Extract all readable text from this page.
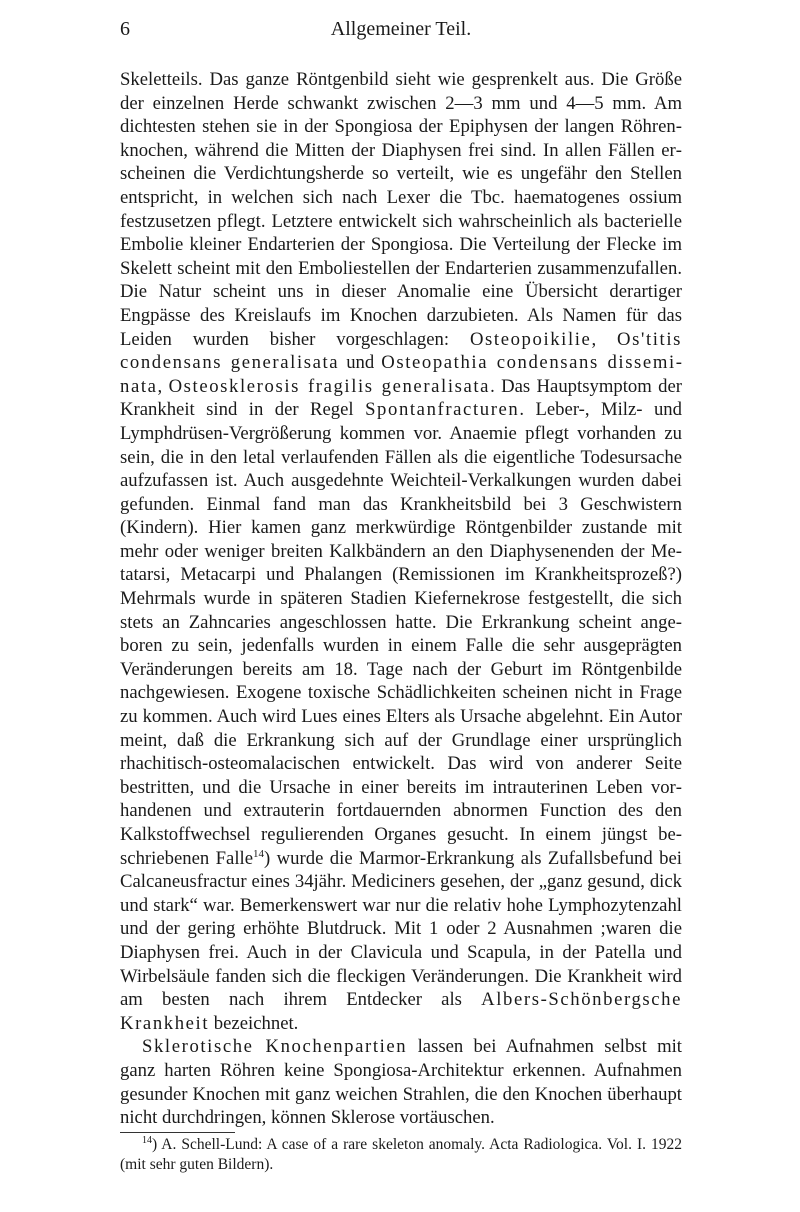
6	Allgemeiner Teil.

Skeletteils. Das ganze Röntgenbild sieht wie gesprenkelt aus. Die Größe der einzelnen Herde schwankt zwischen 2—3 mm und 4—5 mm. Am dichtesten stehen sie in der Spongiosa der Epiphysen der langen Röhrenknochen, während die Mitten der Diaphysen frei sind. In allen Fällen erscheinen die Verdichtungsherde so verteilt, wie es ungefähr den Stellen entspricht, in welchen sich nach Lexer die Tbc. haematogenes ossium festzusetzen pflegt. Letztere entwickelt sich wahrscheinlich als bacterielle Embolie kleiner Endarterien der Spongiosa. Die Verteilung der Flecke im Skelett scheint mit den Emboliestellen der Endarterien zusammenzufallen. Die Natur scheint uns in dieser Anomalie eine Übersicht derartiger Engpässe des Kreislaufs im Knochen darzubieten. Als Namen für das Leiden wurden bisher vorgeschlagen: Osteopoikilie, Os'titis condensans generalisata und Osteopathia condensans disseminata, Osteosklerosis fragilis generalisata. Das Hauptsymptom der Krankheit sind in der Regel Spontanfracturen. Leber-, Milz- und Lymphdrüsen-Vergrößerung kommen vor. Anaemie pflegt vorhanden zu sein, die in den letal verlaufenden Fällen als die eigentliche Todesursache aufzufassen ist. Auch ausgedehnte Weichteil-Verkalkungen wurden dabei gefunden. Einmal fand man das Krankheitsbild bei 3 Geschwistern (Kindern). Hier kamen ganz merkwürdige Röntgenbilder zustande mit mehr oder weniger breiten Kalkbändern an den Diaphysenenden der Metatarsi, Metacarpi und Phalangen (Remissionen im Krankheitsprozeß?) Mehrmals wurde in späteren Stadien Kiefernekrose festgestellt, die sich stets an Zahncaries angeschlossen hatte. Die Erkrankung scheint angeboren zu sein, jedenfalls wurden in einem Falle die sehr ausgeprägten Veränderungen bereits am 18. Tage nach der Geburt im Röntgenbilde nachgewiesen. Exogene toxische Schädlichkeiten scheinen nicht in Frage zu kommen. Auch wird Lues eines Elters als Ursache abgelehnt. Ein Autor meint, daß die Erkrankung sich auf der Grundlage einer ursprünglich rhachitisch-osteomalacischen entwickelt. Das wird von anderer Seite bestritten, und die Ursache in einer bereits im intrauterinen Leben vorhandenen und extrauterin fortdauernden abnormen Function des den Kalkstoffwechsel regulierenden Organes gesucht. In einem jüngst beschriebenen Falle$^{14}$) wurde die Marmor-Erkrankung als Zufallsbefund bei Calcaneusfractur eines 34jähr. Mediciners gesehen, der „ganz gesund, dick und stark“ war. Bemerkenswert war nur die relativ hohe Lymphozytenzahl und der gering erhöhte Blutdruck. Mit 1 oder 2 Ausnahmen ;waren die Diaphysen frei. Auch in der Clavicula und Scapula, in der Patella und Wirbelsäule fanden sich die fleckigen Veränderungen. Die Krankheit wird am besten nach ihrem Entdecker als Albers-Schönbergsche Krankheit bezeichnet.

Sklerotische Knochenpartien lassen bei Aufnahmen selbst mit ganz harten Röhren keine Spongiosa-Architektur erkennen. Aufnahmen gesunder Knochen mit ganz weichen Strahlen, die den Knochen überhaupt nicht durchdringen, können Sklerose vortäuschen.

$^{14}$) A. Schell-Lund: A case of a rare skeleton anomaly. Acta Radiologica. Vol. I. 1922 (mit sehr guten Bildern).
